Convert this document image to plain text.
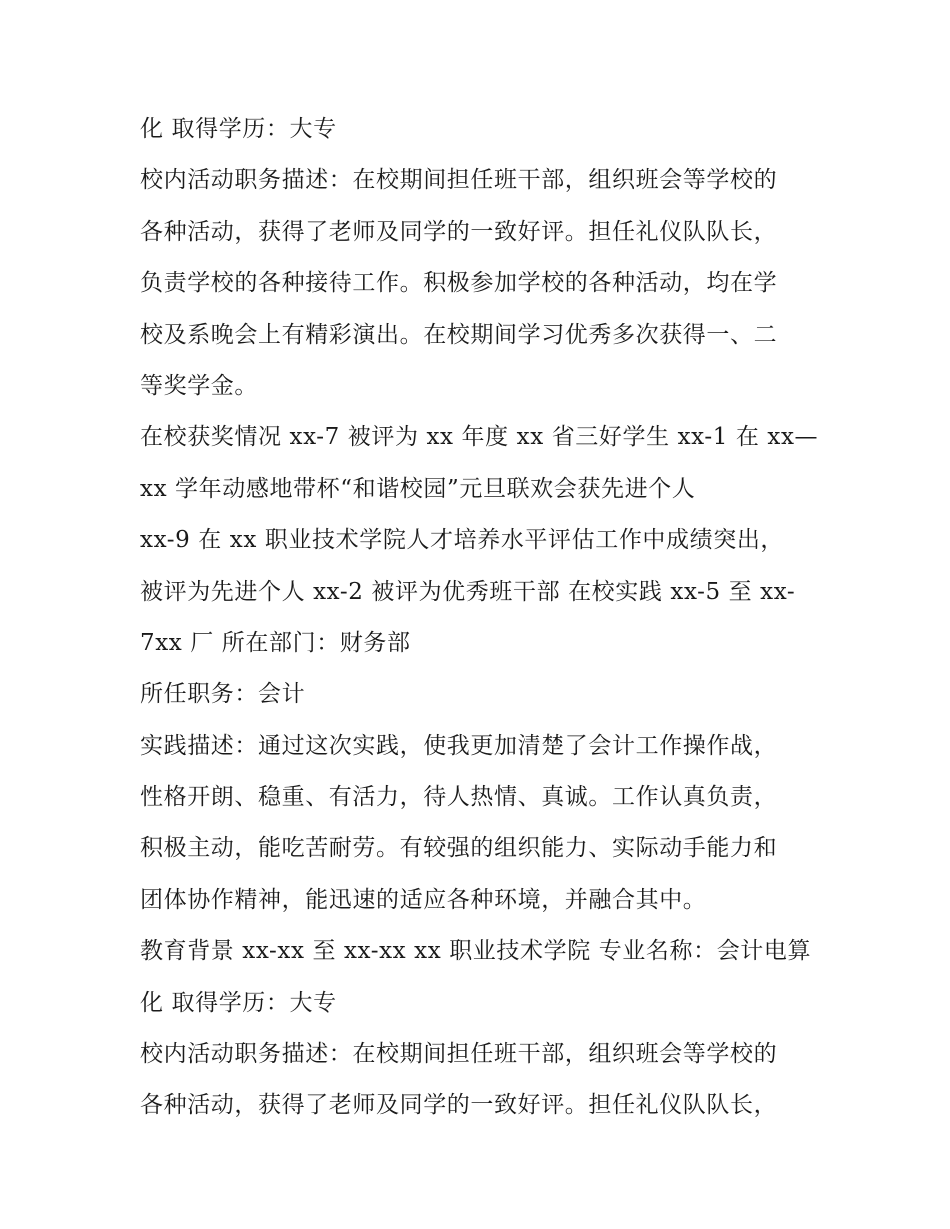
化 取得学历：大专
校内活动职务描述：在校期间担任班干部，组织班会等学校的
各种活动，获得了老师及同学的一致好评。担任礼仪队队长，
负责学校的各种接待工作。积极参加学校的各种活动，均在学
校及系晚会上有精彩演出。在校期间学习优秀多次获得一、二
等奖学金。
在校获奖情况 xx-7 被评为 xx 年度 xx 省三好学生 xx-1 在 xx—
xx 学年动感地带杯“和谐校园”元旦联欢会获先进个人
xx-9 在 xx 职业技术学院人才培养水平评估工作中成绩突出，
被评为先进个人 xx-2 被评为优秀班干部 在校实践 xx-5 至 xx-
7xx 厂 所在部门：财务部
所任职务：会计
实践描述：通过这次实践，使我更加清楚了会计工作操作战，
性格开朗、稳重、有活力，待人热情、真诚。工作认真负责，
积极主动，能吃苦耐劳。有较强的组织能力、实际动手能力和
团体协作精神，能迅速的适应各种环境，并融合其中。
教育背景 xx-xx 至 xx-xx xx 职业技术学院 专业名称：会计电算
化 取得学历：大专
校内活动职务描述：在校期间担任班干部，组织班会等学校的
各种活动，获得了老师及同学的一致好评。担任礼仪队队长，
